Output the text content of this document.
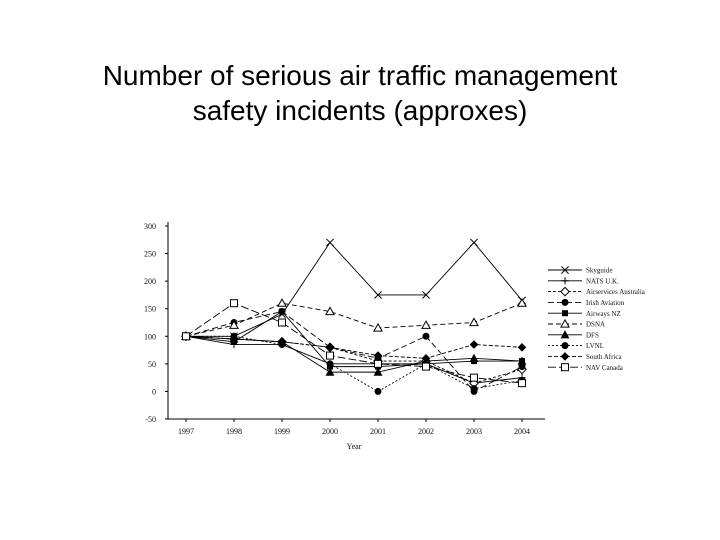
Number of serious air traffic management
safety incidents (approxes)
-50
0
50
100
150
200
250
300
1997	1998	1999	2000	2001	2002	2003	2004
Year
Skyguide
NATS U.K.
Airservices Australia
Irish Aviation
Airways NZ
DSNA
DFS
LVNL
South Africa
NAV Canada
